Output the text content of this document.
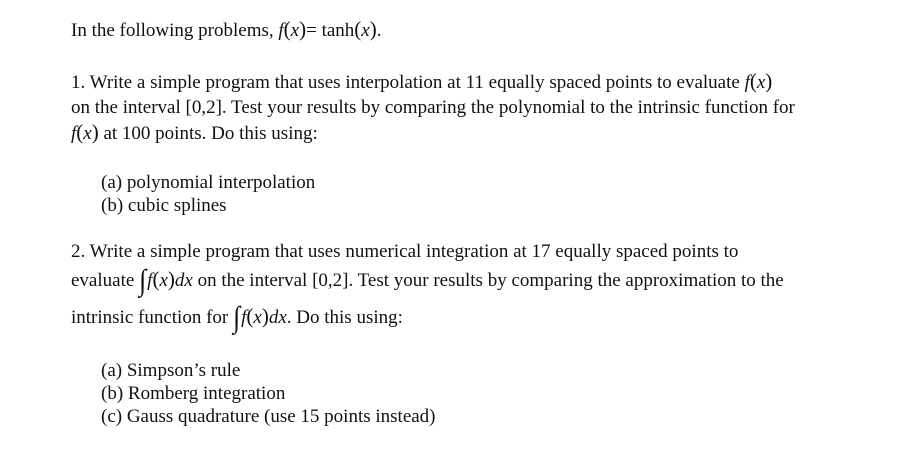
In the following problems, f(x)= tanh(x).
1. Write a simple program that uses interpolation at 11 equally spaced points to evaluate f(x)
on the interval [0,2]. Test your results by comparing the polynomial to the intrinsic function for
f(x) at 100 points. Do this using:
(a) polynomial interpolation
(b) cubic splines
2. Write a simple program that uses numerical integration at 17 equally spaced points to
evaluate ∫f(x)dx on the interval [0,2]. Test your results by comparing the approximation to the
intrinsic function for ∫f(x)dx. Do this using:
(a) Simpson’s rule
(b) Romberg integration
(c) Gauss quadrature (use 15 points instead)
